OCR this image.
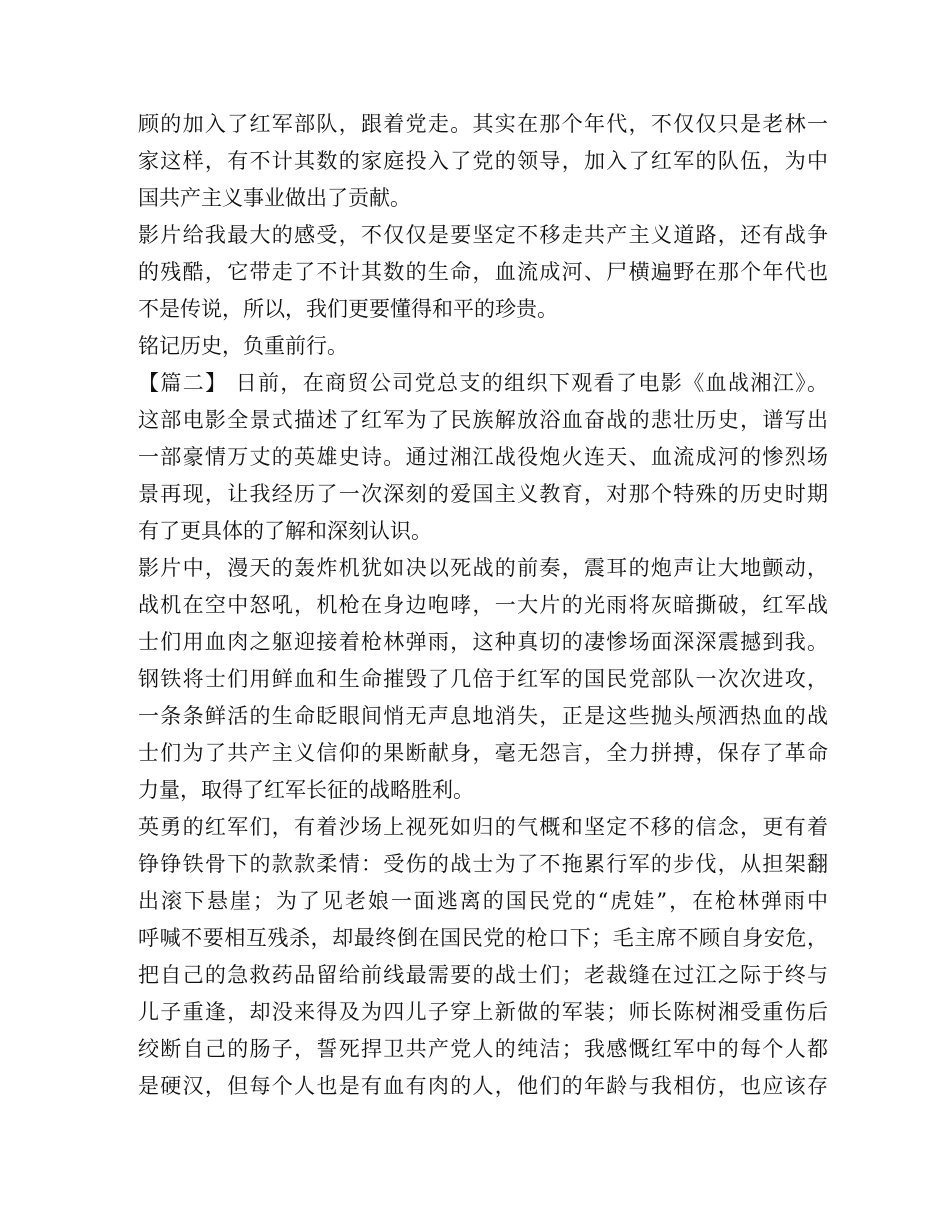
顾的加入了红军部队，跟着党走。其实在那个年代，不仅仅只是老林一
家这样，有不计其数的家庭投入了党的领导，加入了红军的队伍，为中
国共产主义事业做出了贡献。
影片给我最大的感受，不仅仅是要坚定不移走共产主义道路，还有战争
的残酷，它带走了不计其数的生命，血流成河、尸横遍野在那个年代也
不是传说，所以，我们更要懂得和平的珍贵。
铭记历史，负重前行。
【篇二】 日前，在商贸公司党总支的组织下观看了电影《血战湘江》。
这部电影全景式描述了红军为了民族解放浴血奋战的悲壮历史，谱写出
一部豪情万丈的英雄史诗。通过湘江战役炮火连天、血流成河的惨烈场
景再现，让我经历了一次深刻的爱国主义教育，对那个特殊的历史时期
有了更具体的了解和深刻认识。
影片中，漫天的轰炸机犹如决以死战的前奏，震耳的炮声让大地颤动，
战机在空中怒吼，机枪在身边咆哮，一大片的光雨将灰暗撕破，红军战
士们用血肉之躯迎接着枪林弹雨，这种真切的凄惨场面深深震撼到我。
钢铁将士们用鲜血和生命摧毁了几倍于红军的国民党部队一次次进攻，
一条条鲜活的生命眨眼间悄无声息地消失，正是这些抛头颅洒热血的战
士们为了共产主义信仰的果断献身，毫无怨言，全力拼搏，保存了革命
力量，取得了红军长征的战略胜利。
英勇的红军们，有着沙场上视死如归的气概和坚定不移的信念，更有着
铮铮铁骨下的款款柔情：受伤的战士为了不拖累行军的步伐，从担架翻
出滚下悬崖；为了见老娘一面逃离的国民党的“虎娃”，在枪林弹雨中
呼喊不要相互残杀，却最终倒在国民党的枪口下；毛主席不顾自身安危，
把自己的急救药品留给前线最需要的战士们；老裁缝在过江之际于终与
儿子重逢，却没来得及为四儿子穿上新做的军装；师长陈树湘受重伤后
绞断自己的肠子，誓死捍卫共产党人的纯洁；我感慨红军中的每个人都
是硬汉，但每个人也是有血有肉的人，他们的年龄与我相仿，也应该存
